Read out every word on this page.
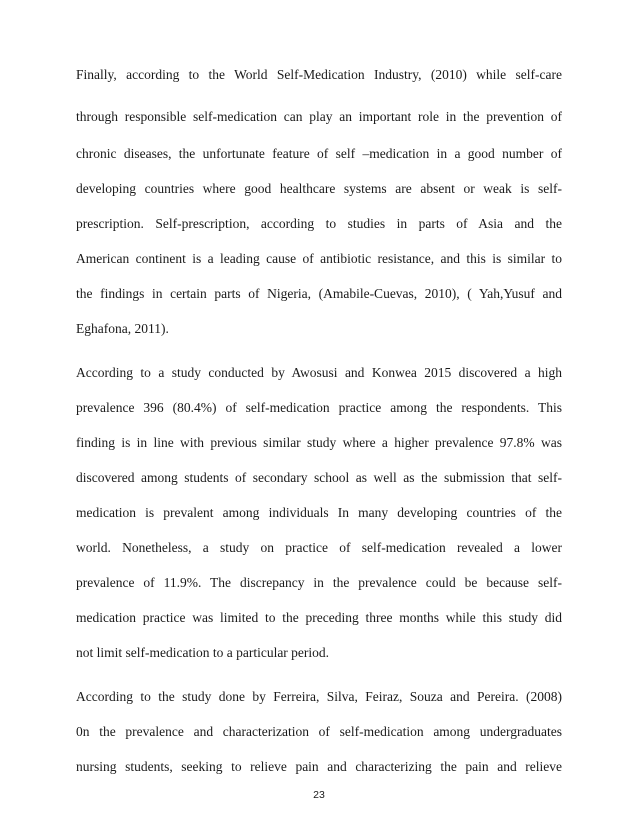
Finally, according to the World Self-Medication Industry, (2010) while self-care
through responsible self-medication can play an important role in the prevention of
chronic diseases, the unfortunate feature of self –medication in a good number of
developing countries where good healthcare systems are absent or weak is self-
prescription. Self-prescription, according to studies in parts of Asia and the
American continent is a leading cause of antibiotic resistance, and this is similar to
the findings in certain parts of Nigeria, (Amabile-Cuevas, 2010), ( Yah,Yusuf and
Eghafona, 2011).
According to a study conducted by Awosusi and Konwea 2015 discovered a high
prevalence 396 (80.4%) of self-medication practice among the respondents. This
finding is in line with previous similar study where a higher prevalence 97.8% was
discovered among students of secondary school as well as the submission that self-
medication is prevalent among individuals In many developing countries of the
world. Nonetheless, a study on practice of self-medication revealed a lower
prevalence of 11.9%. The discrepancy in the prevalence could be because self-
medication practice was limited to the preceding three months while this study did
not limit self-medication to a particular period.
According to the study done by Ferreira, Silva, Feiraz, Souza and Pereira. (2008)
0n the prevalence and characterization of self-medication among undergraduates
nursing students, seeking to relieve pain and characterizing the pain and relieve
23
